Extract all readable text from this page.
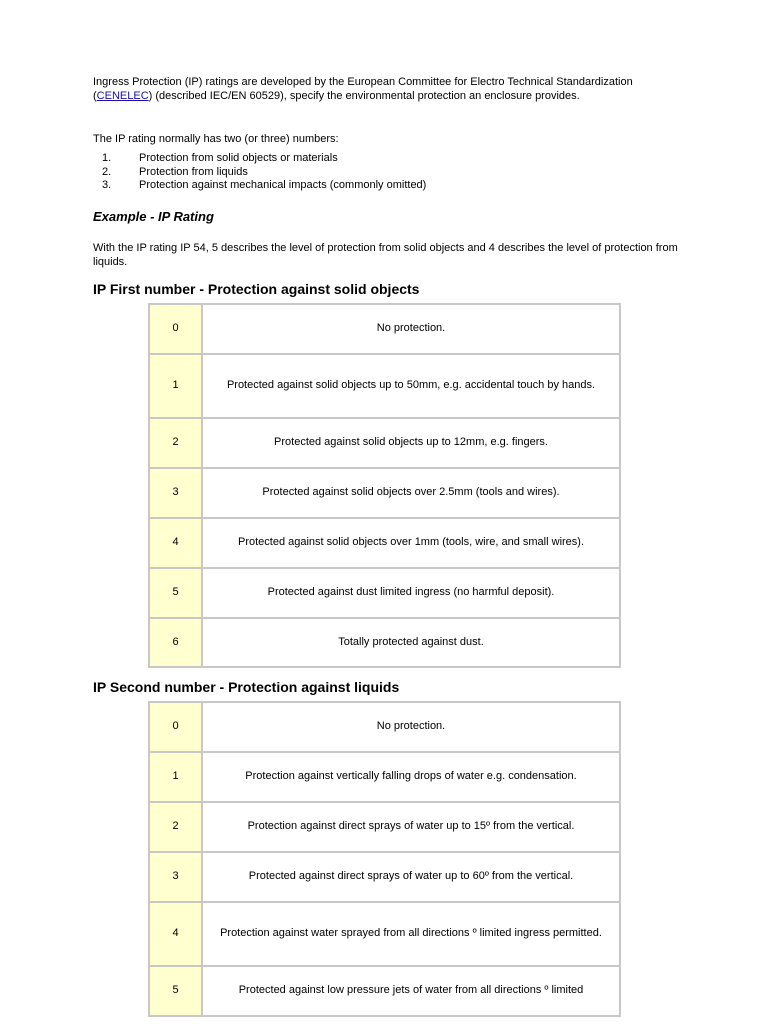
Ingress Protection (IP) ratings are developed by the European Committee for Electro Technical Standardization (CENELEC) (described IEC/EN 60529), specify the environmental protection an enclosure provides.

The IP rating normally has two (or three) numbers:

1.	Protection from solid objects or materials
2.	Protection from liquids
3.	Protection against mechanical impacts (commonly omitted)
Example - IP Rating

With the IP rating IP 54, 5 describes the level of protection from solid objects and 4 describes the level of protection from liquids.

IP First number - Protection against solid objects
0	No protection.
1	Protected against solid objects up to 50mm, e.g. accidental touch by hands.
2	Protected against solid objects up to 12mm, e.g. fingers.
3	Protected against solid objects over 2.5mm (tools and wires).
4	Protected against solid objects over 1mm (tools, wire, and small wires).
5	Protected against dust limited ingress (no harmful deposit).
6	Totally protected against dust.
IP Second number - Protection against liquids
0	No protection.
1	Protection against vertically falling drops of water e.g. condensation.
2	Protection against direct sprays of water up to 15º from the vertical.
3	Protected against direct sprays of water up to 60º from the vertical.
4	Protection against water sprayed from all directions º limited ingress permitted.
5	Protected against low pressure jets of water from all directions º limited
